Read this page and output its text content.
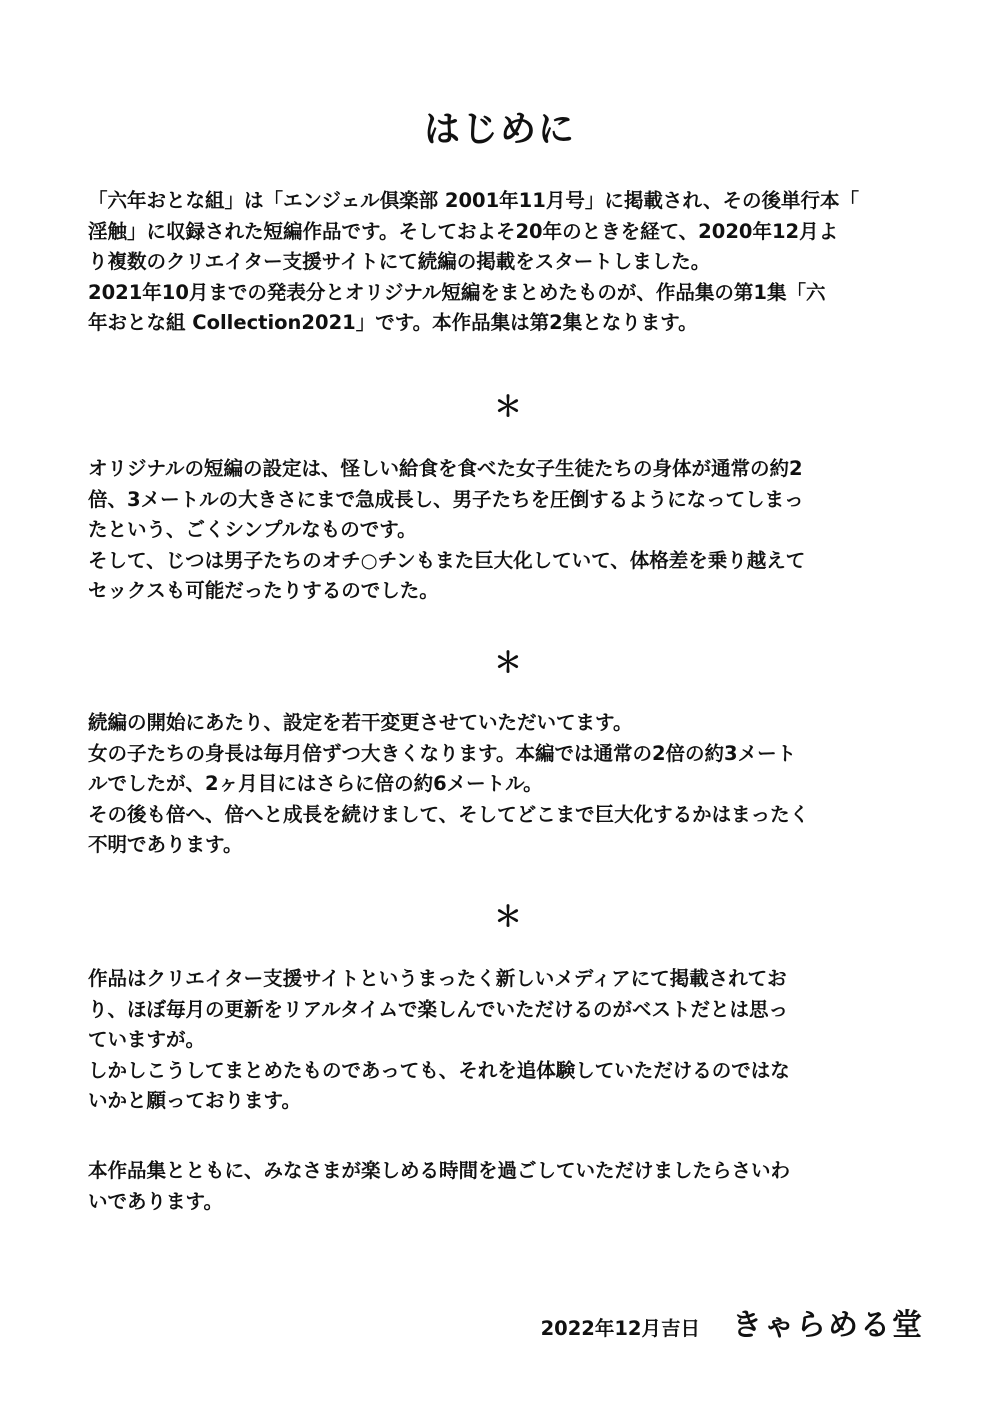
はじめに
「六年おとな組」は「エンジェル倶楽部 2001年11月号」に掲載され、その後単行本「
淫触」に収録された短編作品です。そしておよそ20年のときを経て、2020年12月よ
り複数のクリエイター支援サイトにて続編の掲載をスタートしました。
2021年10月までの発表分とオリジナル短編をまとめたものが、作品集の第1集「六
年おとな組 Collection2021」です。本作品集は第2集となります。
＊
オリジナルの短編の設定は、怪しい給食を食べた女子生徒たちの身体が通常の約2
倍、3メートルの大きさにまで急成長し、男子たちを圧倒するようになってしまっ
たという、ごくシンプルなものです。
そして、じつは男子たちのオチ○チンもまた巨大化していて、体格差を乗り越えて
セックスも可能だったりするのでした。
＊
続編の開始にあたり、設定を若干変更させていただいてます。
女の子たちの身長は毎月倍ずつ大きくなります。本編では通常の2倍の約3メート
ルでしたが、2ヶ月目にはさらに倍の約6メートル。
その後も倍へ、倍へと成長を続けまして、そしてどこまで巨大化するかはまったく
不明であります。
＊
作品はクリエイター支援サイトというまったく新しいメディアにて掲載されてお
り、ほぼ毎月の更新をリアルタイムで楽しんでいただけるのがベストだとは思っ
ていますが。
しかしこうしてまとめたものであっても、それを追体験していただけるのではな
いかと願っております。
本作品集とともに、みなさまが楽しめる時間を過ごしていただけましたらさいわ
いであります。
2022年12月吉日 きゃらめる堂
